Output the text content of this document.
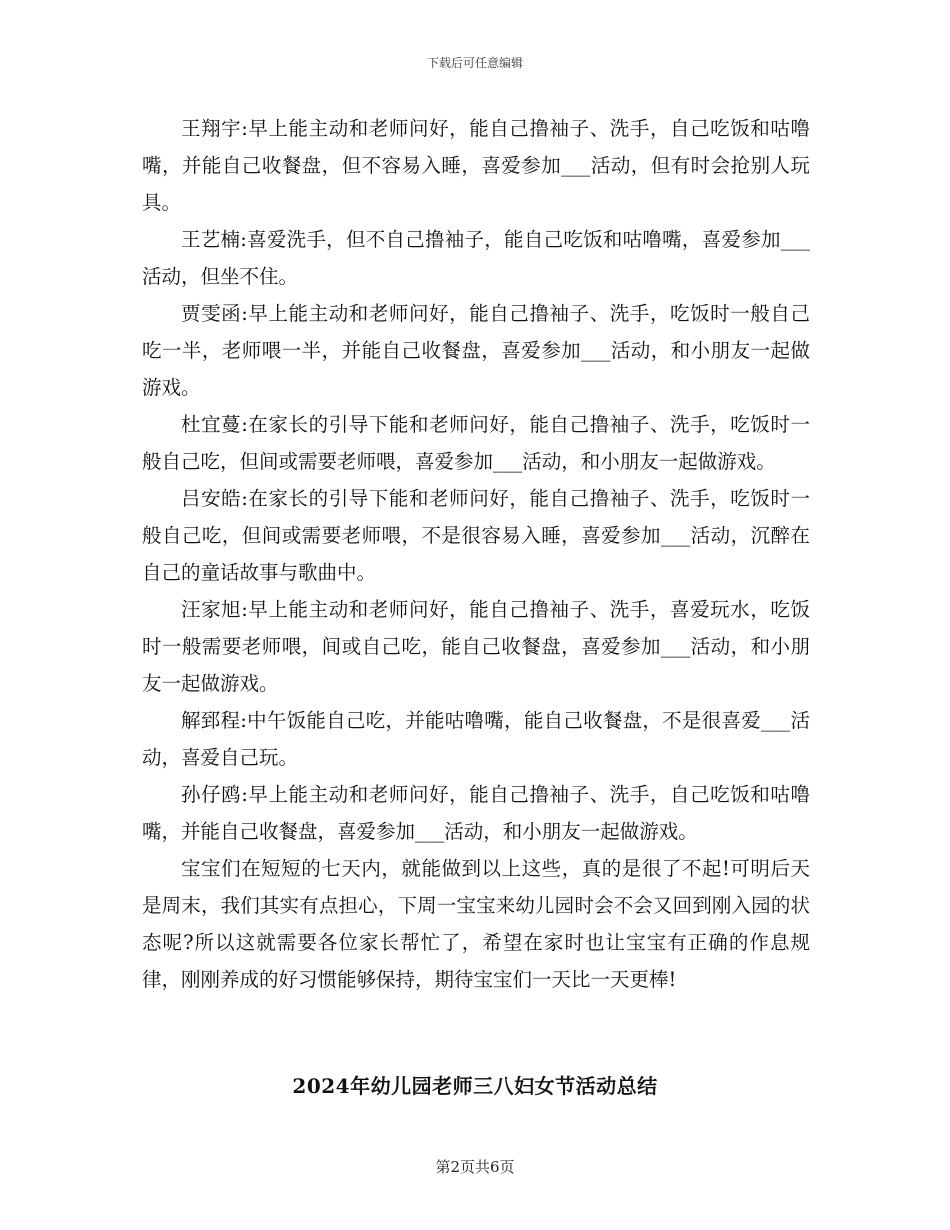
下载后可任意编辑

王翔宇:早上能主动和老师问好，能自己撸袖子、洗手，自己吃饭和咕噜嘴，并能自己收餐盘，但不容易入睡，喜爱参加___活动，但有时会抢别人玩具。

王艺楠:喜爱洗手，但不自己撸袖子，能自己吃饭和咕噜嘴，喜爱参加___活动，但坐不住。

贾雯函:早上能主动和老师问好，能自己撸袖子、洗手，吃饭时一般自己吃一半，老师喂一半，并能自己收餐盘，喜爱参加___活动，和小朋友一起做游戏。

杜宜蔓:在家长的引导下能和老师问好，能自己撸袖子、洗手，吃饭时一般自己吃，但间或需要老师喂，喜爱参加___活动，和小朋友一起做游戏。

吕安皓:在家长的引导下能和老师问好，能自己撸袖子、洗手，吃饭时一般自己吃，但间或需要老师喂，不是很容易入睡，喜爱参加___活动，沉醉在自己的童话故事与歌曲中。

汪家旭:早上能主动和老师问好，能自己撸袖子、洗手，喜爱玩水，吃饭时一般需要老师喂，间或自己吃，能自己收餐盘，喜爱参加___活动，和小朋友一起做游戏。

解郅程:中午饭能自己吃，并能咕噜嘴，能自己收餐盘，不是很喜爱___活动，喜爱自己玩。

孙仔鸥:早上能主动和老师问好，能自己撸袖子、洗手，自己吃饭和咕噜嘴，并能自己收餐盘，喜爱参加___活动，和小朋友一起做游戏。

宝宝们在短短的七天内，就能做到以上这些，真的是很了不起!可明后天是周末，我们其实有点担心，下周一宝宝来幼儿园时会不会又回到刚入园的状态呢?所以这就需要各位家长帮忙了，希望在家时也让宝宝有正确的作息规律，刚刚养成的好习惯能够保持，期待宝宝们一天比一天更棒!

2024年幼儿园老师三八妇女节活动总结
第2页共6页
